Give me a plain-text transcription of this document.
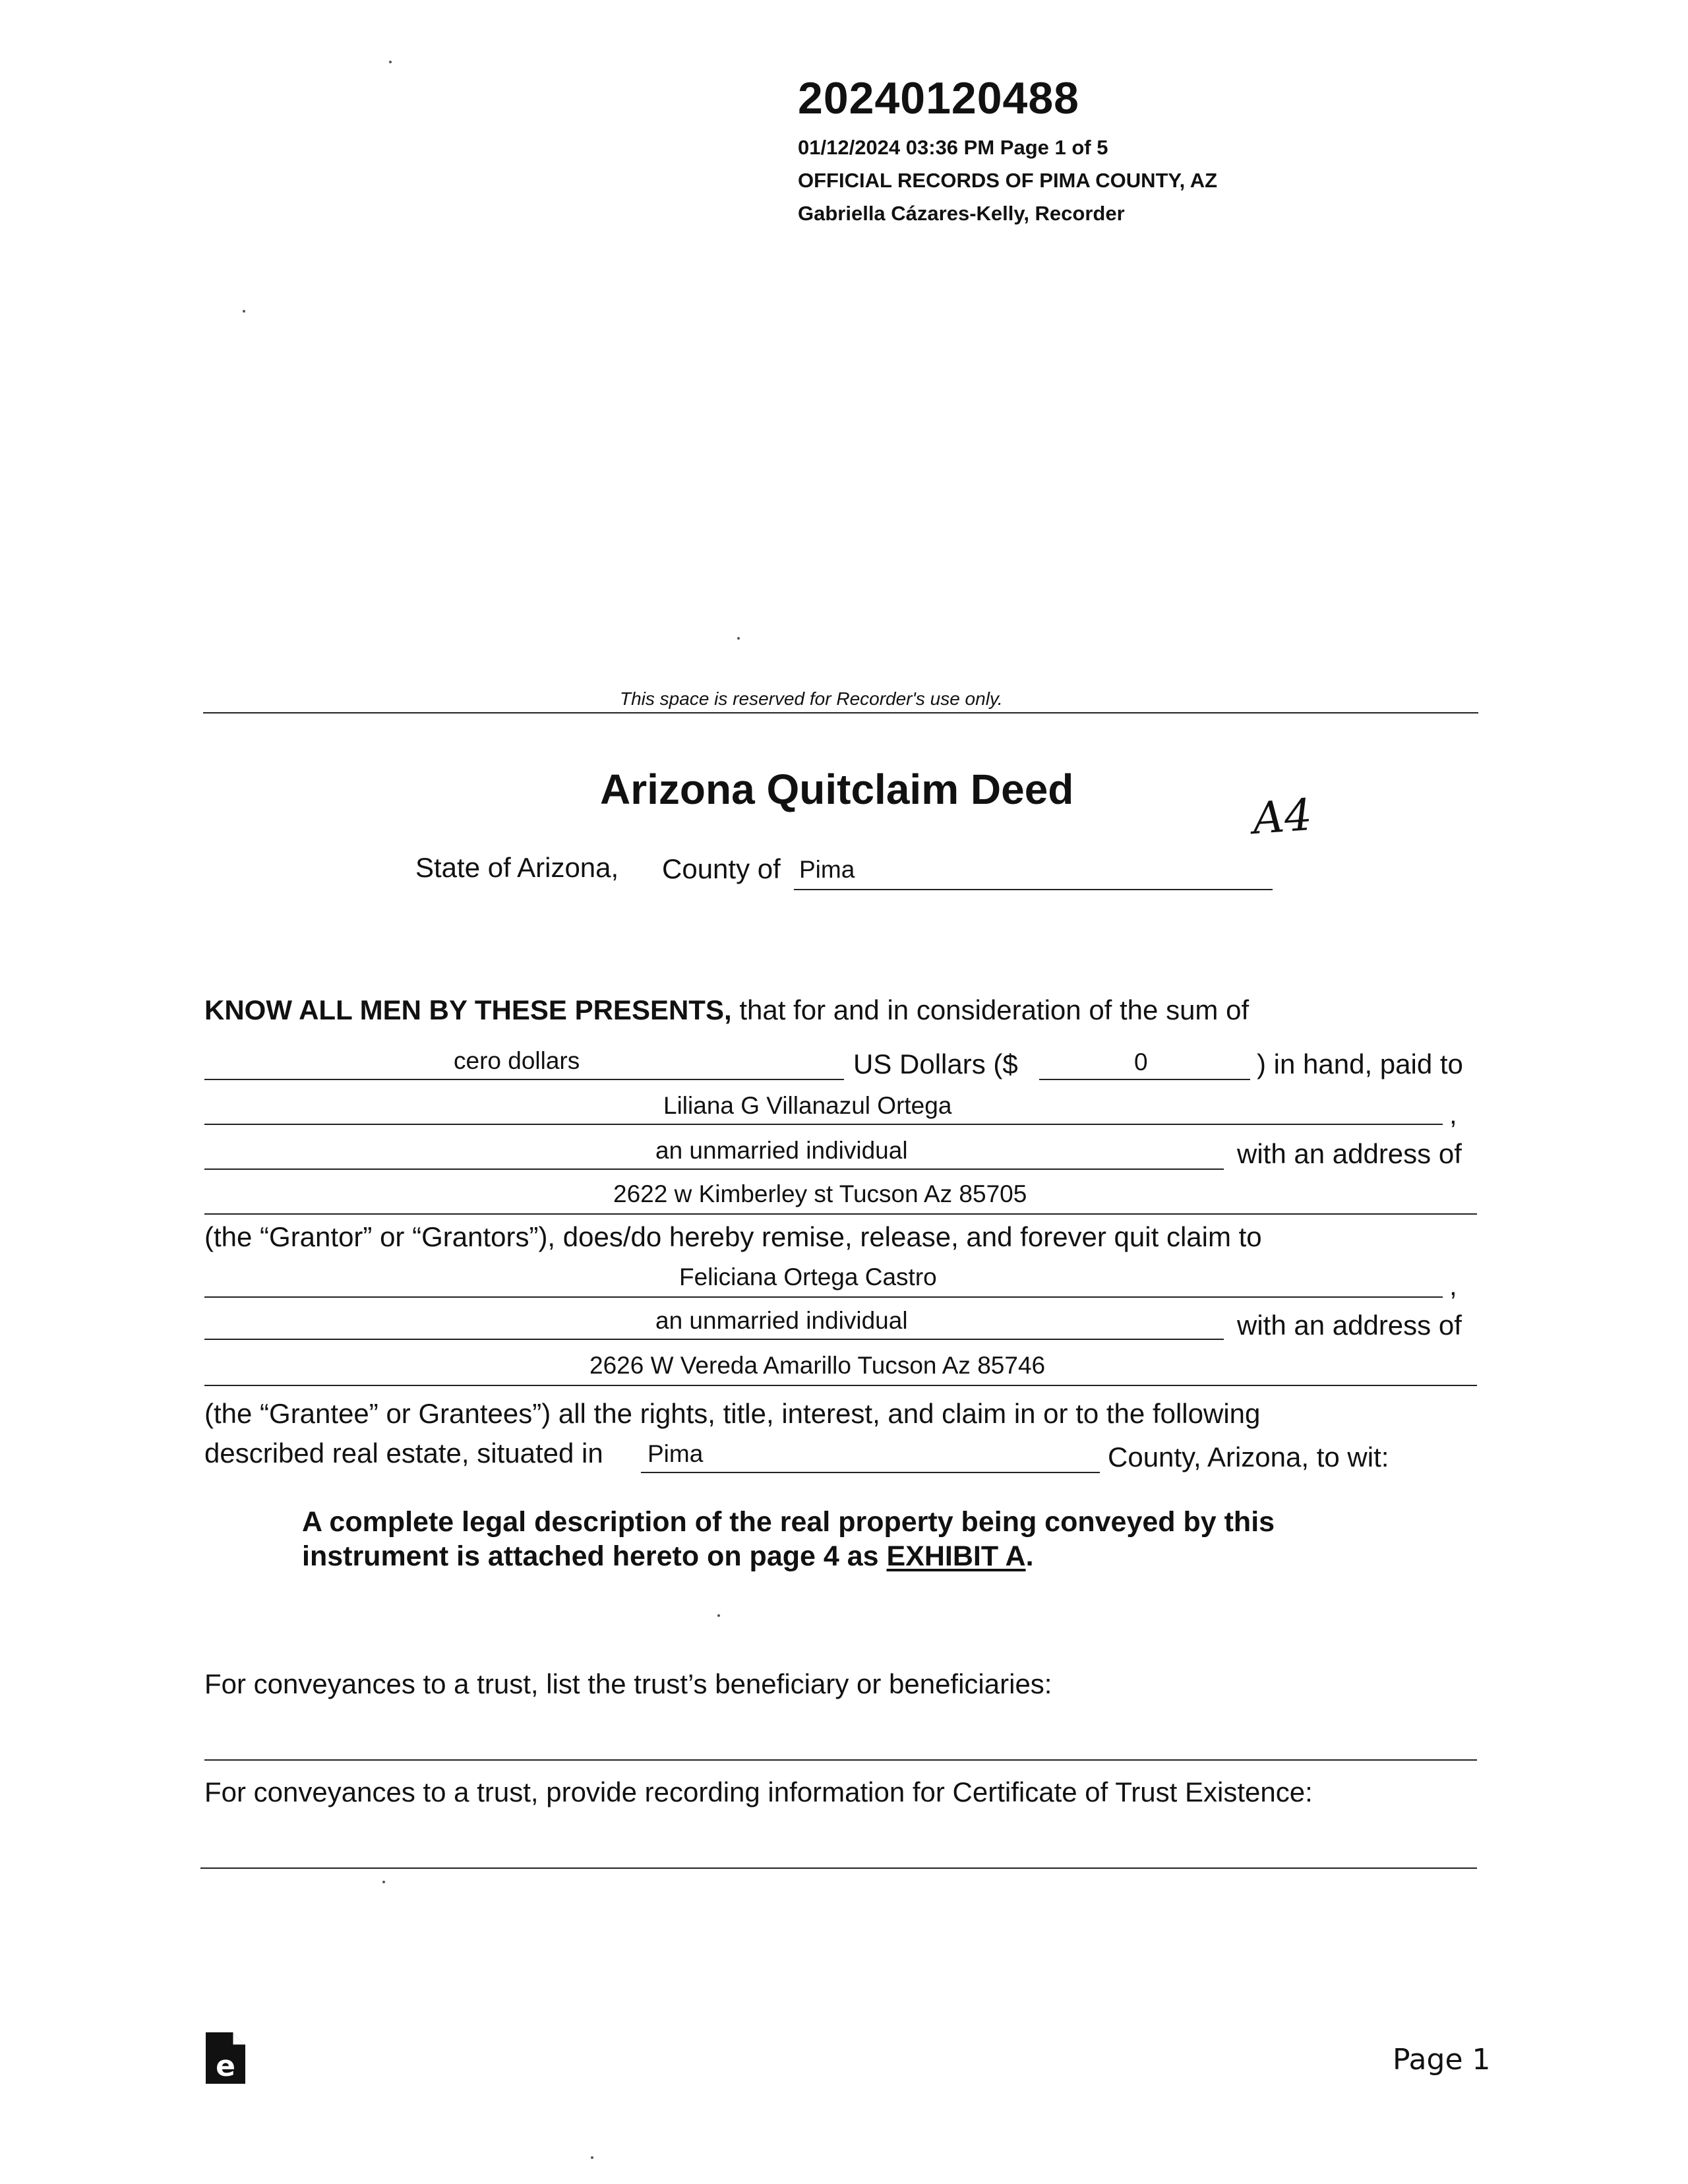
20240120488
01/12/2024 03:36 PM Page 1 of 5
OFFICIAL RECORDS OF PIMA COUNTY, AZ
Gabriella Cázares-Kelly, Recorder
This space is reserved for Recorder's use only.
Arizona Quitclaim Deed	A4
State of Arizona, County of Pima
KNOW ALL MEN BY THESE PRESENTS, that for and in consideration of the sum of
cero dollars	US Dollars ($	0	) in hand, paid to
Liliana G Villanazul Ortega	,
an unmarried individual	with an address of
2622 w Kimberley st Tucson Az 85705
(the “Grantor” or “Grantors”), does/do hereby remise, release, and forever quit claim to
Feliciana Ortega Castro	,
an unmarried individual	with an address of
2626 W Vereda Amarillo Tucson Az 85746
(the “Grantee” or Grantees”) all the rights, title, interest, and claim in or to the following
described real estate, situated in Pima	County, Arizona, to wit:
A complete legal description of the real property being conveyed by this instrument is attached hereto on page 4 as EXHIBIT A.
For conveyances to a trust, list the trust’s beneficiary or beneficiaries:
For conveyances to a trust, provide recording information for Certificate of Trust Existence:
e	Page 1
